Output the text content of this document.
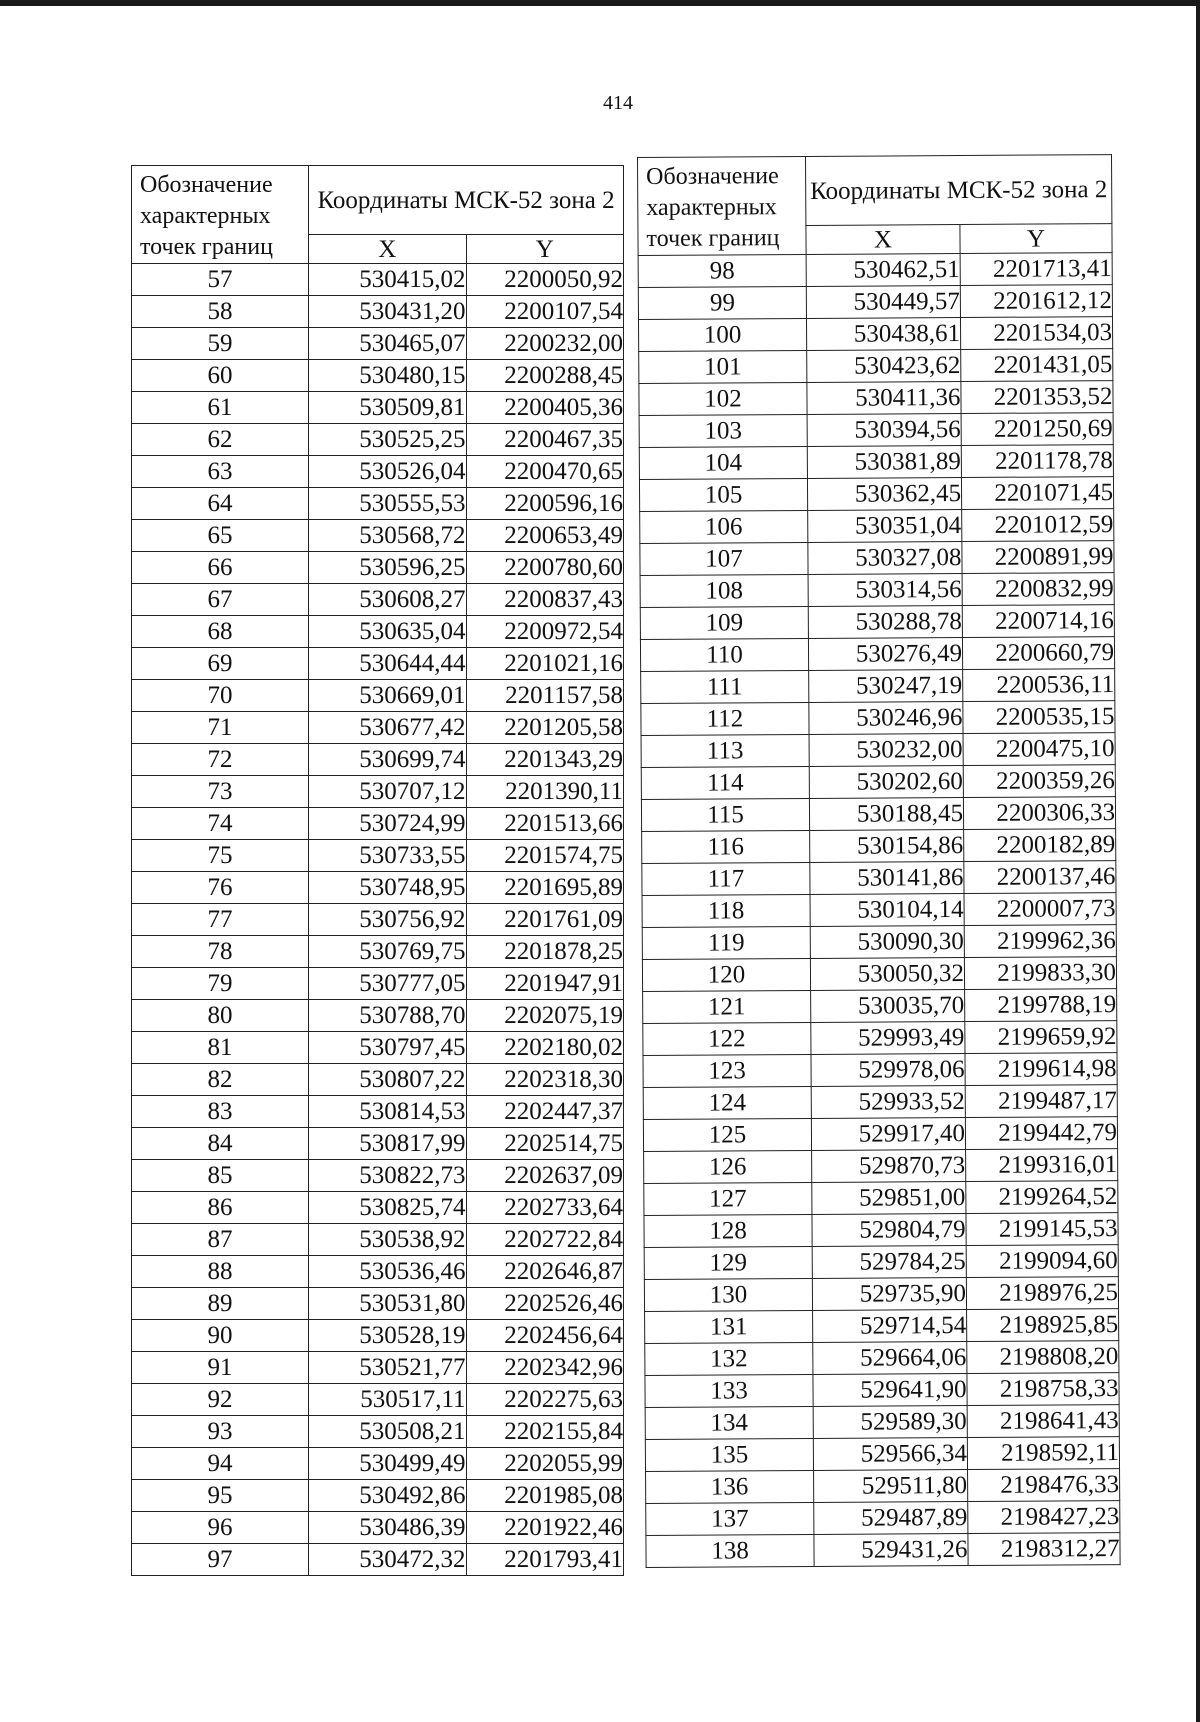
414
Обозначение характерных точек границ	Координаты МСК-52 зона 2	
	X	Y
57	530415,02	2200050,92
58	530431,20	2200107,54
59	530465,07	2200232,00
60	530480,15	2200288,45
61	530509,81	2200405,36
62	530525,25	2200467,35
63	530526,04	2200470,65
64	530555,53	2200596,16
65	530568,72	2200653,49
66	530596,25	2200780,60
67	530608,27	2200837,43
68	530635,04	2200972,54
69	530644,44	2201021,16
70	530669,01	2201157,58
71	530677,42	2201205,58
72	530699,74	2201343,29
73	530707,12	2201390,11
74	530724,99	2201513,66
75	530733,55	2201574,75
76	530748,95	2201695,89
77	530756,92	2201761,09
78	530769,75	2201878,25
79	530777,05	2201947,91
80	530788,70	2202075,19
81	530797,45	2202180,02
82	530807,22	2202318,30
83	530814,53	2202447,37
84	530817,99	2202514,75
85	530822,73	2202637,09
86	530825,74	2202733,64
87	530538,92	2202722,84
88	530536,46	2202646,87
89	530531,80	2202526,46
90	530528,19	2202456,64
91	530521,77	2202342,96
92	530517,11	2202275,63
93	530508,21	2202155,84
94	530499,49	2202055,99
95	530492,86	2201985,08
96	530486,39	2201922,46
97	530472,32	2201793,41
Обозначение характерных точек границ	Координаты МСК-52 зона 2	
	X	Y
98	530462,51	2201713,41
99	530449,57	2201612,12
100	530438,61	2201534,03
101	530423,62	2201431,05
102	530411,36	2201353,52
103	530394,56	2201250,69
104	530381,89	2201178,78
105	530362,45	2201071,45
106	530351,04	2201012,59
107	530327,08	2200891,99
108	530314,56	2200832,99
109	530288,78	2200714,16
110	530276,49	2200660,79
111	530247,19	2200536,11
112	530246,96	2200535,15
113	530232,00	2200475,10
114	530202,60	2200359,26
115	530188,45	2200306,33
116	530154,86	2200182,89
117	530141,86	2200137,46
118	530104,14	2200007,73
119	530090,30	2199962,36
120	530050,32	2199833,30
121	530035,70	2199788,19
122	529993,49	2199659,92
123	529978,06	2199614,98
124	529933,52	2199487,17
125	529917,40	2199442,79
126	529870,73	2199316,01
127	529851,00	2199264,52
128	529804,79	2199145,53
129	529784,25	2199094,60
130	529735,90	2198976,25
131	529714,54	2198925,85
132	529664,06	2198808,20
133	529641,90	2198758,33
134	529589,30	2198641,43
135	529566,34	2198592,11
136	529511,80	2198476,33
137	529487,89	2198427,23
138	529431,26	2198312,27
